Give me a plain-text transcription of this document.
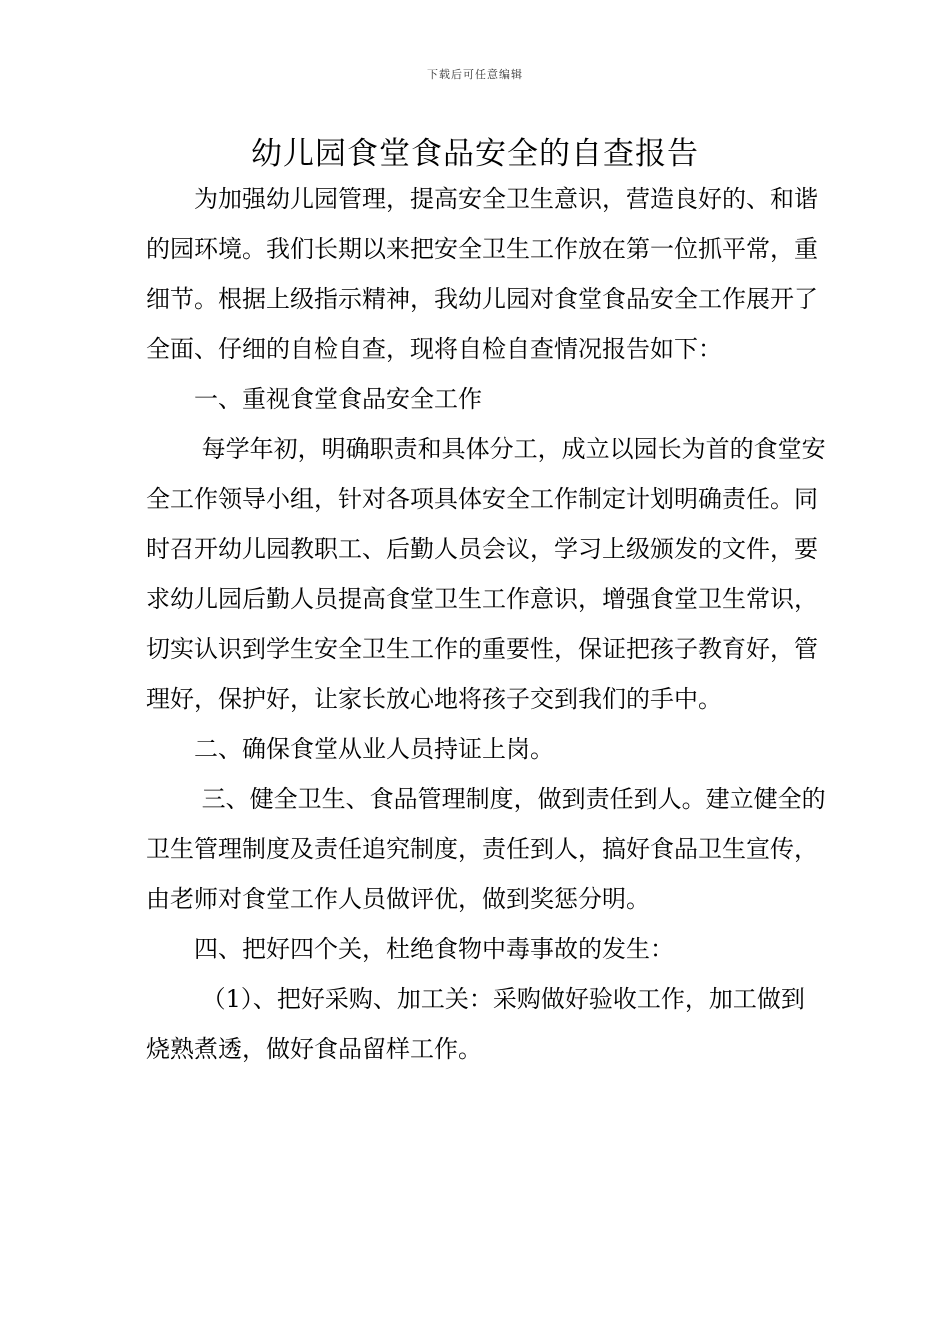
下载后可任意编辑
幼儿园食堂食品安全的自查报告

为加强幼儿园管理，提高安全卫生意识，营造良好的、和谐的园环境。我们长期以来把安全卫生工作放在第一位抓平常，重细节。根据上级指示精神，我幼儿园对食堂食品安全工作展开了全面、仔细的自检自查，现将自检自查情况报告如下：

一、重视食堂食品安全工作

每学年初，明确职责和具体分工，成立以园长为首的食堂安全工作领导小组，针对各项具体安全工作制定计划明确责任。同时召开幼儿园教职工、后勤人员会议，学习上级颁发的文件，要求幼儿园后勤人员提高食堂卫生工作意识，增强食堂卫生常识，切实认识到学生安全卫生工作的重要性，保证把孩子教育好，管理好，保护好，让家长放心地将孩子交到我们的手中。

二、确保食堂从业人员持证上岗。

三、健全卫生、食品管理制度，做到责任到人。建立健全的卫生管理制度及责任追究制度，责任到人，搞好食品卫生宣传，由老师对食堂工作人员做评优，做到奖惩分明。

四、把好四个关，杜绝食物中毒事故的发生：

（1）、把好采购、加工关：采购做好验收工作，加工做到烧熟煮透，做好食品留样工作。
